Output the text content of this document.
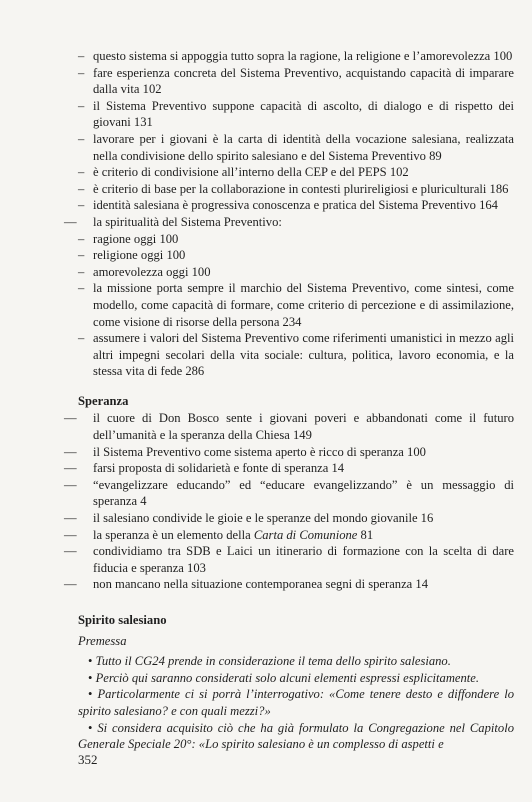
– questo sistema si appoggia tutto sopra la ragione, la religione e l’amorevolezza 100
– fare esperienza concreta del Sistema Preventivo, acquistando capacità di imparare dalla vita 102
– il Sistema Preventivo suppone capacità di ascolto, di dialogo e di rispetto dei giovani 131
– lavorare per i giovani è la carta di identità della vocazione salesiana, realizzata nella condivisione dello spirito salesiano e del Sistema Preventivo 89
– è criterio di condivisione all’interno della CEP e del PEPS 102
– è criterio di base per la collaborazione in contesti plurireligiosi e pluriculturali 186
– identità salesiana è progressiva conoscenza e pratica del Sistema Preventivo 164
— la spiritualità del Sistema Preventivo:
– ragione oggi 100
– religione oggi 100
– amorevolezza oggi 100
– la missione porta sempre il marchio del Sistema Preventivo, come sintesi, come modello, come capacità di formare, come criterio di percezione e di assimilazione, come visione di risorse della persona 234
– assumere i valori del Sistema Preventivo come riferimenti umanistici in mezzo agli altri impegni secolari della vita sociale: cultura, politica, lavoro economia, e la stessa vita di fede 286
Speranza
— il cuore di Don Bosco sente i giovani poveri e abbandonati come il futuro dell’umanità e la speranza della Chiesa 149
— il Sistema Preventivo come sistema aperto è ricco di speranza 100
— farsi proposta di solidarietà e fonte di speranza 14
— “evangelizzare educando” ed “educare evangelizzando” è un messaggio di speranza 4
— il salesiano condivide le gioie e le speranze del mondo giovanile 16
— la speranza è un elemento della Carta di Comunione 81
— condividiamo tra SDB e Laici un itinerario di formazione con la scelta di dare fiducia e speranza 103
— non mancano nella situazione contemporanea segni di speranza 14
Spirito salesiano
Premessa
• Tutto il CG24 prende in considerazione il tema dello spirito salesiano.
• Perciò qui saranno considerati solo alcuni elementi espressi esplicitamente.
• Particolarmente ci si porrà l’interrogativo: «Come tenere desto e diffondere lo spirito salesiano? e con quali mezzi?»
• Si considera acquisito ciò che ha già formulato la Congregazione nel Capitolo Generale Speciale 20°: «Lo spirito salesiano è un complesso di aspetti e
352
